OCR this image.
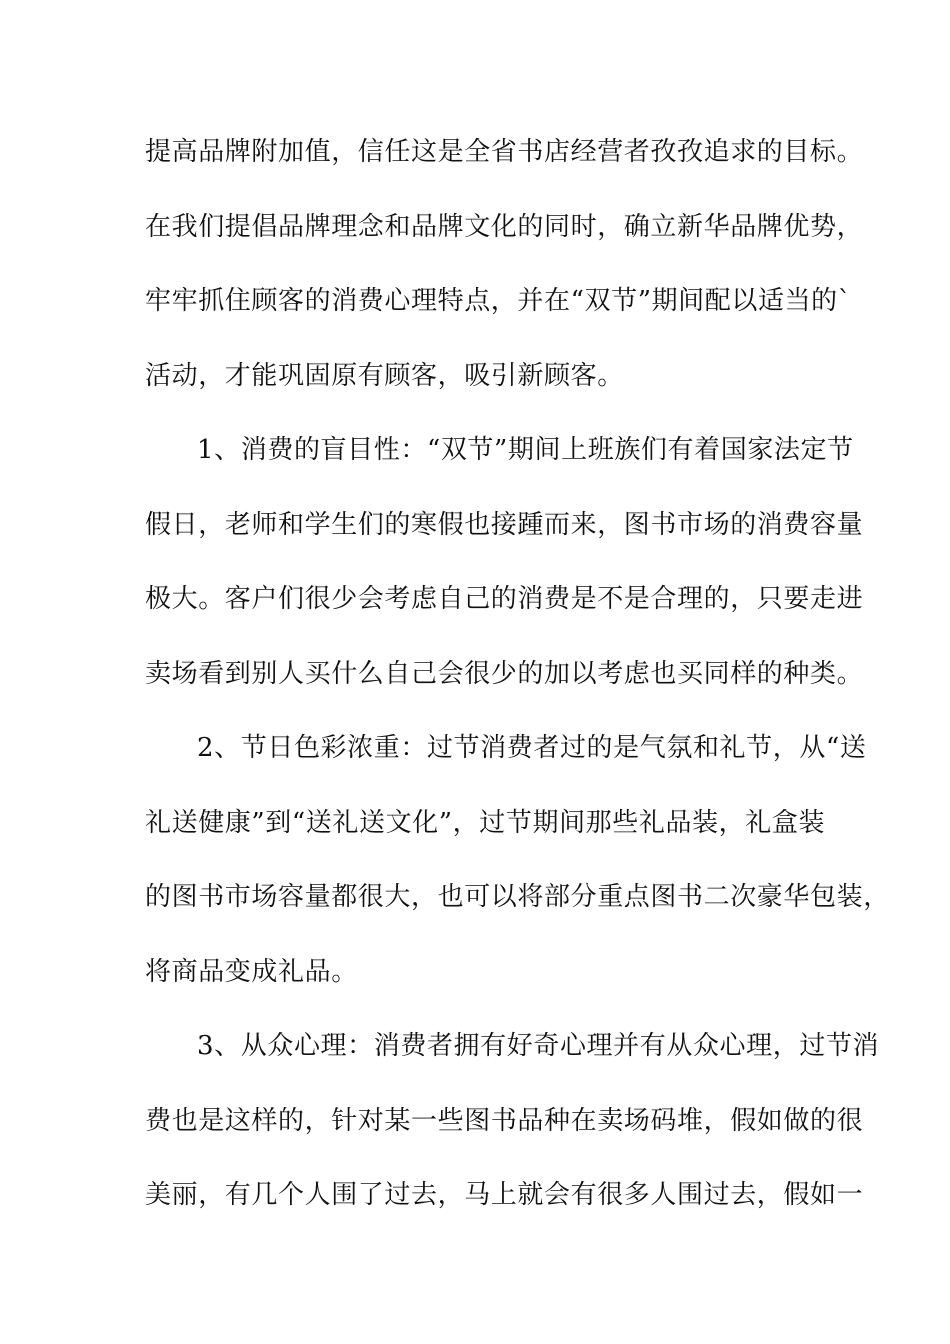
提高品牌附加值，信任这是全省书店经营者孜孜追求的目标。
在我们提倡品牌理念和品牌文化的同时，确立新华品牌优势，
牢牢抓住顾客的消费心理特点，并在“双节”期间配以适当的`
活动，才能巩固原有顾客，吸引新顾客。
1、消费的盲目性：“双节”期间上班族们有着国家法定节
假日，老师和学生们的寒假也接踵而来，图书市场的消费容量
极大。客户们很少会考虑自己的消费是不是合理的，只要走进
卖场看到别人买什么自己会很少的加以考虑也买同样的种类。
2、节日色彩浓重：过节消费者过的是气氛和礼节，从“送
礼送健康”到“送礼送文化”，过节期间那些礼品装，礼盒装
的图书市场容量都很大，也可以将部分重点图书二次豪华包装，
将商品变成礼品。
3、从众心理：消费者拥有好奇心理并有从众心理，过节消
费也是这样的，针对某一些图书品种在卖场码堆，假如做的很
美丽，有几个人围了过去，马上就会有很多人围过去，假如一
